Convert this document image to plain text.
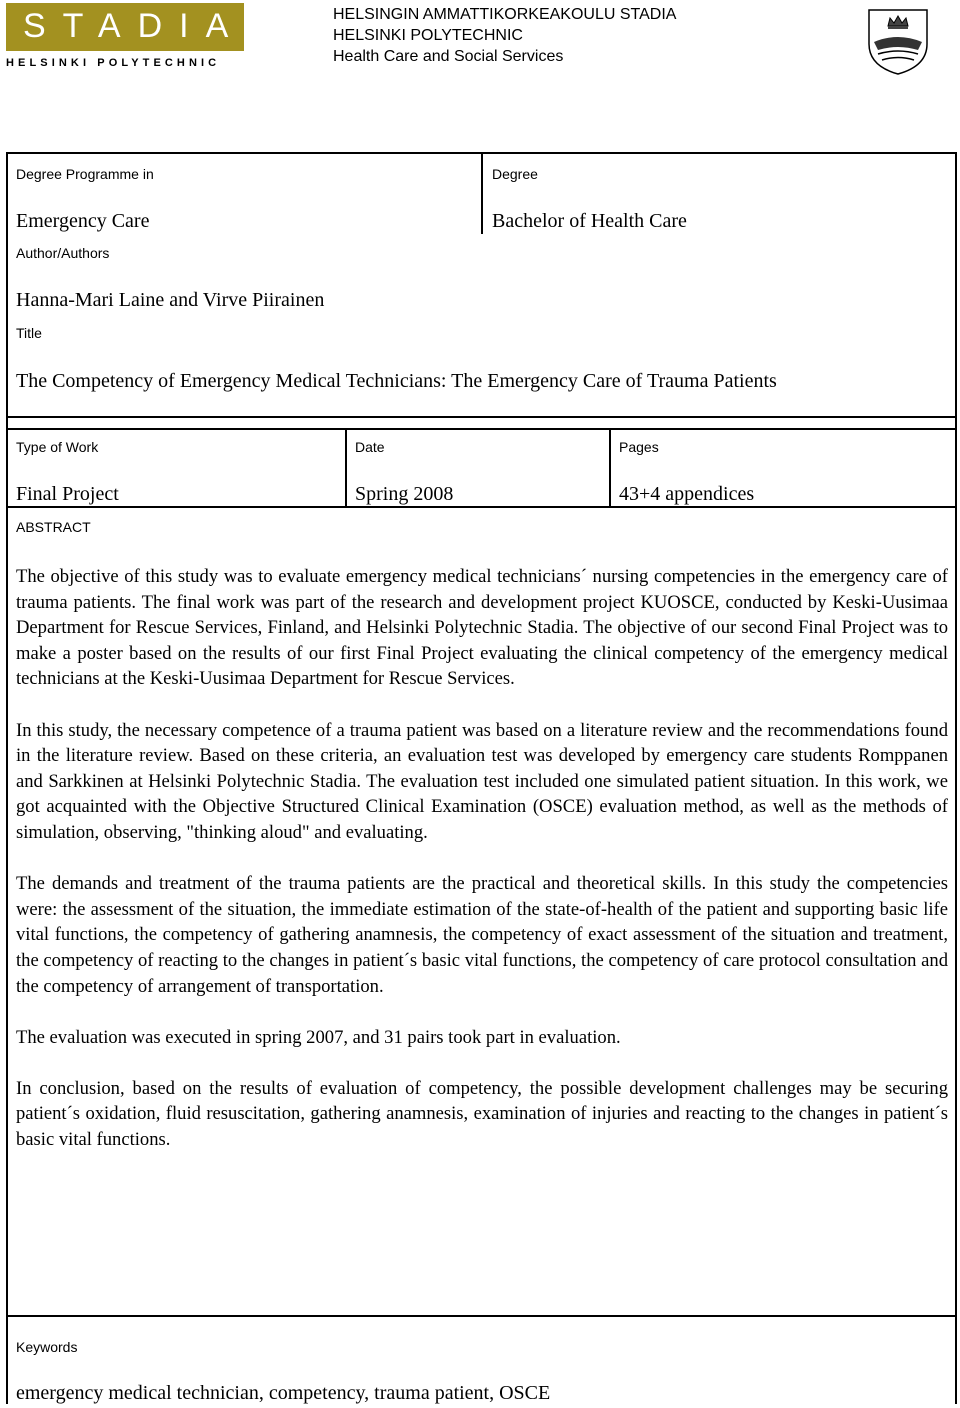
STADIA
HELSINKI POLYTECHNIC
HELSINGIN AMMATTIKORKEAKOULU STADIA
HELSINKI POLYTECHNIC
Health Care and Social Services
Degree Programme in
Emergency Care
Degree
Bachelor of Health Care
Author/Authors
Hanna-Mari Laine and Virve Piirainen
Title
The Competency of Emergency Medical Technicians: The Emergency Care of Trauma Patients
Type of Work
Final Project
Date
Spring 2008
Pages
43+4 appendices
ABSTRACT

The objective of this study was to evaluate emergency medical technicians´ nursing competencies in the emergency care of trauma patients. The final work was part of the research and development project KUOSCE, conducted by Keski-Uusimaa Department for Rescue Services, Finland, and Helsinki Polytechnic Stadia. The objective of our second Final Project was to make a poster based on the results of our first Final Project evaluating the clinical competency of the emergency medical technicians at the Keski-Uusimaa Department for Rescue Services.

In this study, the necessary competence of a trauma patient was based on a literature review and the recommendations found in the literature review. Based on these criteria, an evaluation test was developed by emergency care students Romppanen and Sarkkinen at Helsinki Polytechnic Stadia. The evaluation test included one simulated patient situation. In this work, we got acquainted with the Objective Structured Clinical Examination (OSCE) evaluation method, as well as the methods of simulation, observing, "thinking aloud" and evaluating.

The demands and treatment of the trauma patients are the practical and theoretical skills. In this study the competencies were: the assessment of the situation, the immediate estimation of the state-of-health of the patient and supporting basic life vital functions, the competency of gathering anamnesis, the competency of exact assessment of the situation and treatment, the competency of reacting to the changes in patient´s basic vital functions, the competency of care protocol consultation and the competency of arrangement of transportation.

The evaluation was executed in spring 2007, and 31 pairs took part in evaluation.

In conclusion, based on the results of evaluation of competency, the possible development challenges may be securing patient´s oxidation, fluid resuscitation, gathering anamnesis, examination of injuries and reacting to the changes in patient´s basic vital functions.

Keywords
emergency medical technician, competency, trauma patient, OSCE
